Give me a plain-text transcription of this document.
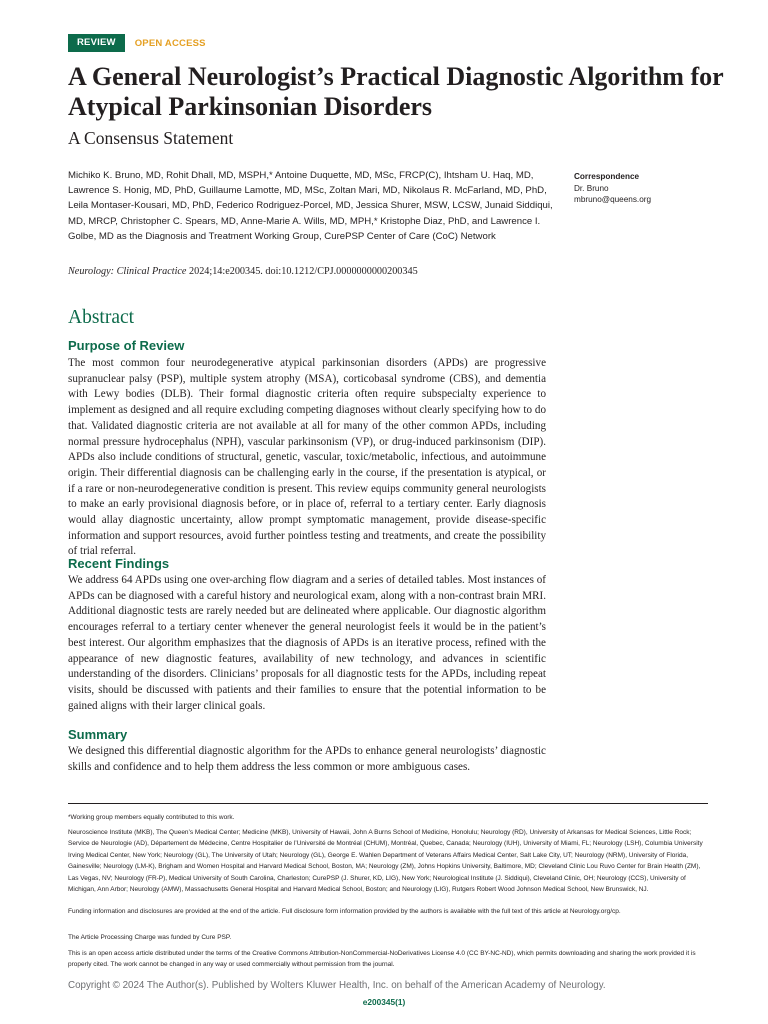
REVIEW	OPEN ACCESS
A General Neurologist’s Practical Diagnostic Algorithm for Atypical Parkinsonian Disorders
A Consensus Statement
Michiko K. Bruno, MD, Rohit Dhall, MD, MSPH,* Antoine Duquette, MD, MSc, FRCP(C), Ihtsham U. Haq, MD, Lawrence S. Honig, MD, PhD, Guillaume Lamotte, MD, MSc, Zoltan Mari, MD, Nikolaus R. McFarland, MD, PhD, Leila Montaser-Kousari, MD, PhD, Federico Rodriguez-Porcel, MD, Jessica Shurer, MSW, LCSW, Junaid Siddiqui, MD, MRCP, Christopher C. Spears, MD, Anne-Marie A. Wills, MD, MPH,* Kristophe Diaz, PhD, and Lawrence I. Golbe, MD as the Diagnosis and Treatment Working Group, CurePSP Center of Care (CoC) Network
Correspondence
Dr. Bruno
mbruno@queens.org
Neurology: Clinical Practice 2024;14:e200345. doi:10.1212/CPJ.0000000000200345
Abstract
Purpose of Review

The most common four neurodegenerative atypical parkinsonian disorders (APDs) are progressive supranuclear palsy (PSP), multiple system atrophy (MSA), corticobasal syndrome (CBS), and dementia with Lewy bodies (DLB). Their formal diagnostic criteria often require subspecialty experience to implement as designed and all require excluding competing diagnoses without clearly specifying how to do that. Validated diagnostic criteria are not available at all for many of the other common APDs, including normal pressure hydrocephalus (NPH), vascular parkinsonism (VP), or drug-induced parkinsonism (DIP). APDs also include conditions of structural, genetic, vascular, toxic/metabolic, infectious, and autoimmune origin. Their differential diagnosis can be challenging early in the course, if the presentation is atypical, or if a rare or non-neurodegenerative condition is present. This review equips community general neurologists to make an early provisional diagnosis before, or in place of, referral to a tertiary center. Early diagnosis would allay diagnostic uncertainty, allow prompt symptomatic management, provide disease-specific information and support resources, avoid further pointless testing and treatments, and create the possibility of trial referral.

Recent Findings

We address 64 APDs using one over-arching flow diagram and a series of detailed tables. Most instances of APDs can be diagnosed with a careful history and neurological exam, along with a non-contrast brain MRI. Additional diagnostic tests are rarely needed but are delineated where applicable. Our diagnostic algorithm encourages referral to a tertiary center whenever the general neurologist feels it would be in the patient’s best interest. Our algorithm emphasizes that the diagnosis of APDs is an iterative process, refined with the appearance of new diagnostic features, availability of new technology, and advances in scientific understanding of the disorders. Clinicians’ proposals for all diagnostic tests for the APDs, including repeat visits, should be discussed with patients and their families to ensure that the potential information to be gained aligns with their larger clinical goals.

Summary

We designed this differential diagnostic algorithm for the APDs to enhance general neurologists’ diagnostic skills and confidence and to help them address the less common or more ambiguous cases.

*Working group members equally contributed to this work.

Neuroscience Institute (MKB), The Queen’s Medical Center; Medicine (MKB), University of Hawaii, John A Burns School of Medicine, Honolulu; Neurology (RD), University of Arkansas for Medical Sciences, Little Rock; Service de Neurologie (AD), Département de Médecine, Centre Hospitalier de l’Université de Montréal (CHUM), Montréal, Quebec, Canada; Neurology (IUH), University of Miami, FL; Neurology (LSH), Columbia University Irving Medical Center, New York; Neurology (GL), The University of Utah; Neurology (GL), George E. Wahlen Department of Veterans Affairs Medical Center, Salt Lake City, UT; Neurology (NRM), University of Florida, Gainesville; Neurology (LM-K), Brigham and Women Hospital and Harvard Medical School, Boston, MA; Neurology (ZM), Johns Hopkins University, Baltimore, MD; Cleveland Clinic Lou Ruvo Center for Brain Health (ZM), Las Vegas, NV; Neurology (FR-P), Medical University of South Carolina, Charleston; CurePSP (J. Shurer, KD, LIG), New York; Neurological Institute (J. Siddiqui), Cleveland Clinic, OH; Neurology (CCS), University of Michigan, Ann Arbor; Neurology (AMW), Massachusetts General Hospital and Harvard Medical School, Boston; and Neurology (LIG), Rutgers Robert Wood Johnson Medical School, New Brunswick, NJ.

Funding information and disclosures are provided at the end of the article. Full disclosure form information provided by the authors is available with the full text of this article at Neurology.org/cp.

The Article Processing Charge was funded by Cure PSP.

This is an open access article distributed under the terms of the Creative Commons Attribution-NonCommercial-NoDerivatives License 4.0 (CC BY-NC-ND), which permits downloading and sharing the work provided it is properly cited. The work cannot be changed in any way or used commercially without permission from the journal.

Copyright © 2024 The Author(s). Published by Wolters Kluwer Health, Inc. on behalf of the American Academy of Neurology.
e200345(1)
